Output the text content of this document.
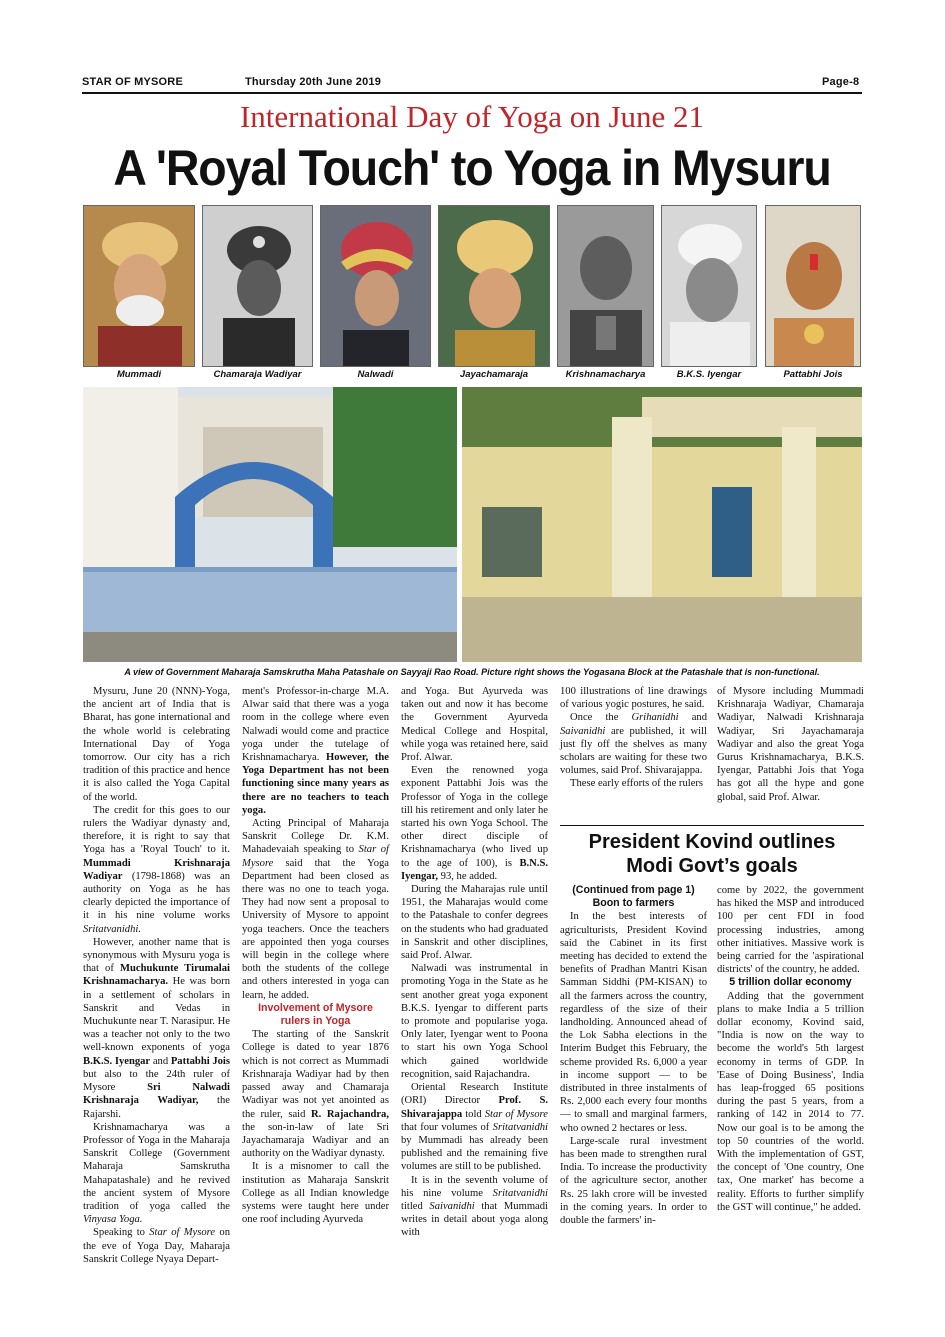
STAR OF MYSORE	Thursday 20th June 2019	Page-8
International Day of Yoga on June 21
A 'Royal Touch' to Yoga in Mysuru
Mummadi	Chamaraja Wadiyar	Nalwadi	Jayachamaraja	Krishnamacharya	B.K.S. Iyengar	Pattabhi Jois
A view of Government Maharaja Samskrutha Maha Patashale on Sayyaji Rao Road. Picture right shows the Yogasana Block at the Patashale that is non-functional.

Mysuru, June 20 (NNN)-Yoga, the ancient art of India that is Bharat, has gone international and the whole world is celebrating International Day of Yoga tomorrow. Our city has a rich tradition of this practice and hence it is also called the Yoga Capital of the world.

The credit for this goes to our rulers the Wadiyar dynasty and, therefore, it is right to say that Yoga has a 'Royal Touch' to it. Mummadi Krishnaraja Wadiyar (1798-1868) was an authority on Yoga as he has clearly depicted the importance of it in his nine volume works Sritatvanidhi.

However, another name that is synonymous with Mysuru yoga is that of Muchukunte Tirumalai Krishnamacharya. He was born in a settlement of scholars in Sanskrit and Vedas in Muchukunte near T. Narasipur. He was a teacher not only to the two well-known exponents of yoga B.K.S. Iyengar and Pattabhi Jois but also to the 24th ruler of Mysore	Sri Nalwadi Krishnaraja Wadiyar, the Rajarshi.

Krishnamacharya was a Professor of Yoga in the Maharaja Sanskrit College (Government Maharaja Samskrutha Mahapatashale) and he revived the ancient system of Mysore tradition of yoga called the Vinyasa Yoga.

Speaking to Star of Mysore on the eve of Yoga Day, Maharaja Sanskrit College Nyaya Depart-

ment's Professor-in-charge M.A. Alwar said that there was a yoga room in the college where even Nalwadi would come and practice yoga under the tutelage of Krishnamacharya. However, the Yoga Department has not been functioning since many years as there are no teachers to teach yoga.

Acting Principal of Maharaja Sanskrit College Dr. K.M. Mahadevaiah speaking to Star of Mysore said that the Yoga Department had been closed as there was no one to teach yoga. They had now sent a proposal to University of Mysore to appoint yoga teachers. Once the teachers are appointed then yoga courses will begin in the college where both the students of the college and others interested in yoga can learn, he added.

Involvement of Mysore rulers in Yoga

The starting of the Sanskrit College is dated to year 1876 which is not correct as Mummadi Krishnaraja Wadiyar had by then passed away and Chamaraja Wadiyar was not yet anointed as the ruler, said R. Rajachandra, the son-in-law of late Sri Jayachamaraja Wadiyar and an authority on the Wadiyar dynasty.

It is a misnomer to call the institution as Maharaja Sanskrit College as all Indian knowledge systems were taught here under one roof including Ayurveda

and Yoga. But Ayurveda was taken out and now it has become the Government Ayurveda Medical College and Hospital, while yoga was retained here, said Prof. Alwar.

Even the renowned yoga exponent Pattabhi Jois was the Professor of Yoga in the college till his retirement and only later he started his own Yoga School. The other direct disciple of Krishnamacharya (who lived up to the age of 100), is B.N.S. Iyengar, 93, he added.

During the Maharajas rule until 1951, the Maharajas would come to the Patashale to confer degrees on the students who had graduated in Sanskrit and other disciplines, said Prof. Alwar.

Nalwadi was instrumental in promoting Yoga in the State as he sent another great yoga exponent B.K.S. Iyengar to different parts to promote and popularise yoga. Only later, Iyengar went to Poona to start his own Yoga School which gained worldwide recognition, said Rajachandra.

Oriental Research Institute (ORI) Director Prof. S. Shivarajappa told Star of Mysore that four volumes of Sritatvanidhi by Mummadi has already been published and the remaining five volumes are still to be published.

It is in the seventh volume of his nine volume Sritatvanidhi titled Saivanidhi that Mummadi writes in detail about yoga along with

100 illustrations of line drawings of various yogic postures, he said.

Once the Grihanidhi and Saivanidhi are published, it will just fly off the shelves as many scholars are waiting for these two volumes, said Prof. Shivarajappa.

These early efforts of the rulers

of Mysore including Mummadi Krishnaraja Wadiyar, Chamaraja Wadiyar, Nalwadi Krishnaraja Wadiyar, Sri Jayachamaraja Wadiyar and also the great Yoga Gurus Krishnamacharya, B.K.S. Iyengar, Pattabhi Jois that Yoga has got all the hype and gone global, said Prof. Alwar.

President Kovind outlines
Modi Govt’s goals

(Continued from page 1)

Boon to farmers

In the best interests of agriculturists, President Kovind said the Cabinet in its first meeting has decided to extend the benefits of Pradhan Mantri Kisan Samman Siddhi (PM-KISAN) to all the farmers across the country, regardless of the size of their landholding. Announced ahead of the Lok Sabha elections in the Interim Budget this February, the scheme provided Rs. 6,000 a year in income support — to be distributed in three instalments of Rs. 2,000 each every four months — to small and marginal farmers, who owned 2 hectares or less.

Large-scale rural investment has been made to strengthen rural India. To increase the productivity of the agriculture sector, another Rs. 25 lakh crore will be invested in the coming years. In order to double the farmers' in-

come by 2022, the government has hiked the MSP and introduced 100 per cent FDI in food processing industries, among other initiatives. Massive work is being carried for the 'aspirational districts' of the country, he added.

5 trillion dollar economy

Adding that the government plans to make India a 5 trillion dollar economy, Kovind said, "India is now on the way to become the world's 5th largest economy in terms of GDP. In 'Ease of Doing Business', India has leap-frogged 65 positions during the past 5 years, from a ranking of 142 in 2014 to 77. Now our goal is to be among the top 50 countries of the world. With the implementation of GST, the concept of 'One country, One tax, One market' has become a reality. Efforts to further simplify the GST will continue," he added.
